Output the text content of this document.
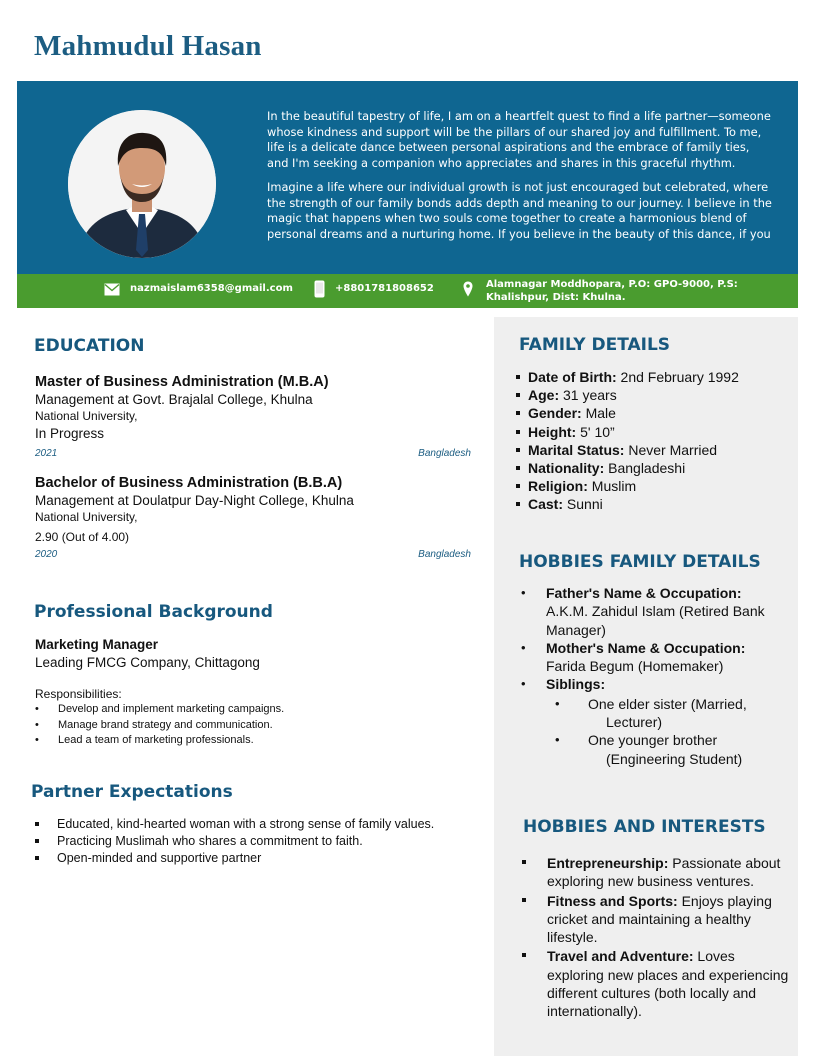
Mahmudul Hasan

In the beautiful tapestry of life, I am on a heartfelt quest to find a life partner—someone whose kindness and support will be the pillars of our shared joy and fulfillment. To me, life is a delicate dance between personal aspirations and the embrace of family ties, and I'm seeking a companion who appreciates and shares in this graceful rhythm.

Imagine a life where our individual growth is not just encouraged but celebrated, where the strength of our family bonds adds depth and meaning to our journey. I believe in the magic that happens when two souls come together to create a harmonious blend of personal dreams and a nurturing home. If you believe in the beauty of this dance, if you

nazmaislam6358@gmail.com	+8801781808652	Alamnagar Moddhopara, P.O: GPO-9000, P.S:
Khalishpur, Dist: Khulna.
EDUCATION
Master of Business Administration (M.B.A)
Management at Govt. Brajalal College, Khulna
National University,
In Progress
2021	Bangladesh
Bachelor of Business Administration (B.B.A)
Management at Doulatpur Day-Night College, Khulna
National University,
2.90 (Out of 4.00)
2020	Bangladesh
Professional Background
Marketing Manager
Leading FMCG Company, Chittagong
Responsibilities:
• Develop and implement marketing campaigns.
• Manage brand strategy and communication.
• Lead a team of marketing professionals.
Partner Expectations
Educated, kind-hearted woman with a strong sense of family values.
Practicing Muslimah who shares a commitment to faith.
Open-minded and supportive partner
FAMILY DETAILS
Date of Birth: 2nd February 1992
Age: 31 years
Gender: Male
Height: 5' 10”
Marital Status: Never Married
Nationality: Bangladeshi
Religion: Muslim
Cast: Sunni
HOBBIES FAMILY DETAILS
• Father's Name & Occupation:
A.K.M. Zahidul Islam (Retired Bank Manager)
• Mother's Name & Occupation:
Farida Begum (Homemaker)
• Siblings:
• One elder sister (Married,
Lecturer)
• One younger brother
(Engineering Student)
HOBBIES AND INTERESTS
Entrepreneurship: Passionate about exploring new business ventures.
Fitness and Sports: Enjoys playing cricket and maintaining a healthy lifestyle.
Travel and Adventure: Loves exploring new places and experiencing different cultures (both locally and internationally).
